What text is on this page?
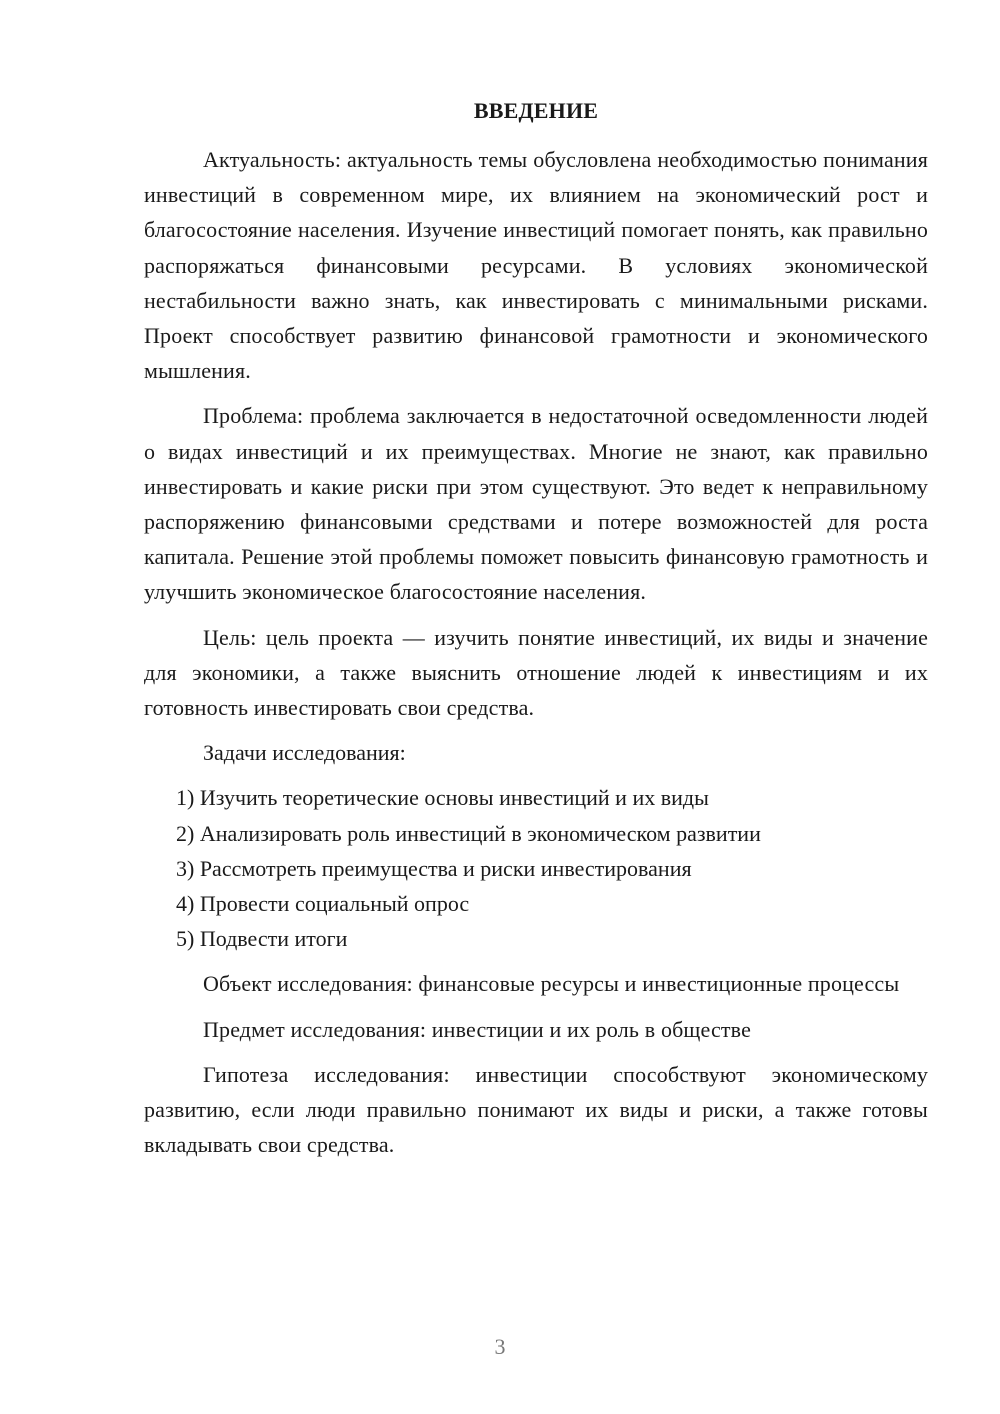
ВВЕДЕНИЕ

Актуальность: актуальность темы обусловлена необходимостью понимания инвестиций в современном мире, их влиянием на экономический рост и благосостояние населения. Изучение инвестиций помогает понять, как правильно распоряжаться финансовыми ресурсами. В условиях экономической нестабильности важно знать, как инвестировать с минимальными рисками. Проект способствует развитию финансовой грамотности и экономического мышления.

Проблема: проблема заключается в недостаточной осведомленности людей о видах инвестиций и их преимуществах. Многие не знают, как правильно инвестировать и какие риски при этом существуют. Это ведет к неправильному распоряжению финансовыми средствами и потере возможностей для роста капитала. Решение этой проблемы поможет повысить финансовую грамотность и улучшить экономическое благосостояние населения.

Цель: цель проекта — изучить понятие инвестиций, их виды и значение для экономики, а также выяснить отношение людей к инвестициям и их готовность инвестировать свои средства.

Задачи исследования:

1) Изучить теоретические основы инвестиций и их виды
2) Анализировать роль инвестиций в экономическом развитии
3) Рассмотреть преимущества и риски инвестирования
4) Провести социальный опрос
5) Подвести итоги

Объект исследования: финансовые ресурсы и инвестиционные процессы

Предмет исследования: инвестиции и их роль в обществе

Гипотеза исследования: инвестиции способствуют экономическому развитию, если люди правильно понимают их виды и риски, а также готовы вкладывать свои средства.

3
